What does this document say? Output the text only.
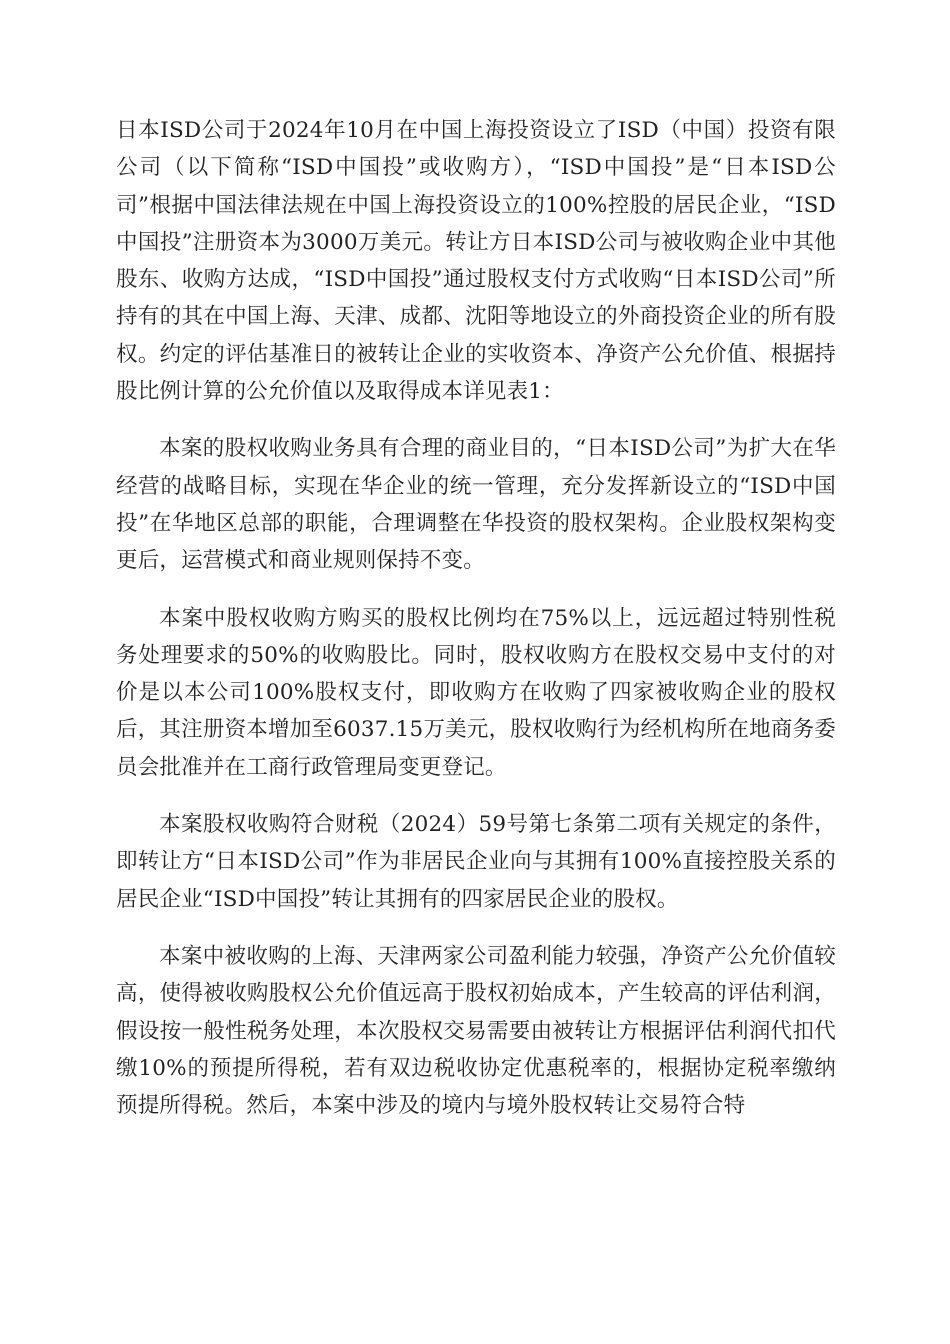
日本ISD公司于2024年10月在中国上海投资设立了ISD（中国）投资有限公司（以下简称“ISD中国投”或收购方），“ISD中国投”是“日本ISD公司”根据中国法律法规在中国上海投资设立的100%控股的居民企业，“ISD中国投”注册资本为3000万美元。转让方日本ISD公司与被收购企业中其他股东、收购方达成，“ISD中国投”通过股权支付方式收购“日本ISD公司”所持有的其在中国上海、天津、成都、沈阳等地设立的外商投资企业的所有股权。约定的评估基准日的被转让企业的实收资本、净资产公允价值、根据持股比例计算的公允价值以及取得成本详见表1：

本案的股权收购业务具有合理的商业目的，“日本ISD公司”为扩大在华经营的战略目标，实现在华企业的统一管理，充分发挥新设立的“ISD中国投”在华地区总部的职能，合理调整在华投资的股权架构。企业股权架构变更后，运营模式和商业规则保持不变。

本案中股权收购方购买的股权比例均在75%以上，远远超过特别性税务处理要求的50%的收购股比。同时，股权收购方在股权交易中支付的对价是以本公司100%股权支付，即收购方在收购了四家被收购企业的股权后，其注册资本增加至6037.15万美元，股权收购行为经机构所在地商务委员会批准并在工商行政管理局变更登记。

本案股权收购符合财税（2024）59号第七条第二项有关规定的条件，即转让方“日本ISD公司”作为非居民企业向与其拥有100%直接控股关系的居民企业“ISD中国投”转让其拥有的四家居民企业的股权。

本案中被收购的上海、天津两家公司盈利能力较强，净资产公允价值较高，使得被收购股权公允价值远高于股权初始成本，产生较高的评估利润，假设按一般性税务处理，本次股权交易需要由被转让方根据评估利润代扣代缴10%的预提所得税，若有双边税收协定优惠税率的，根据协定税率缴纳预提所得税。然后，本案中涉及的境内与境外股权转让交易符合特
